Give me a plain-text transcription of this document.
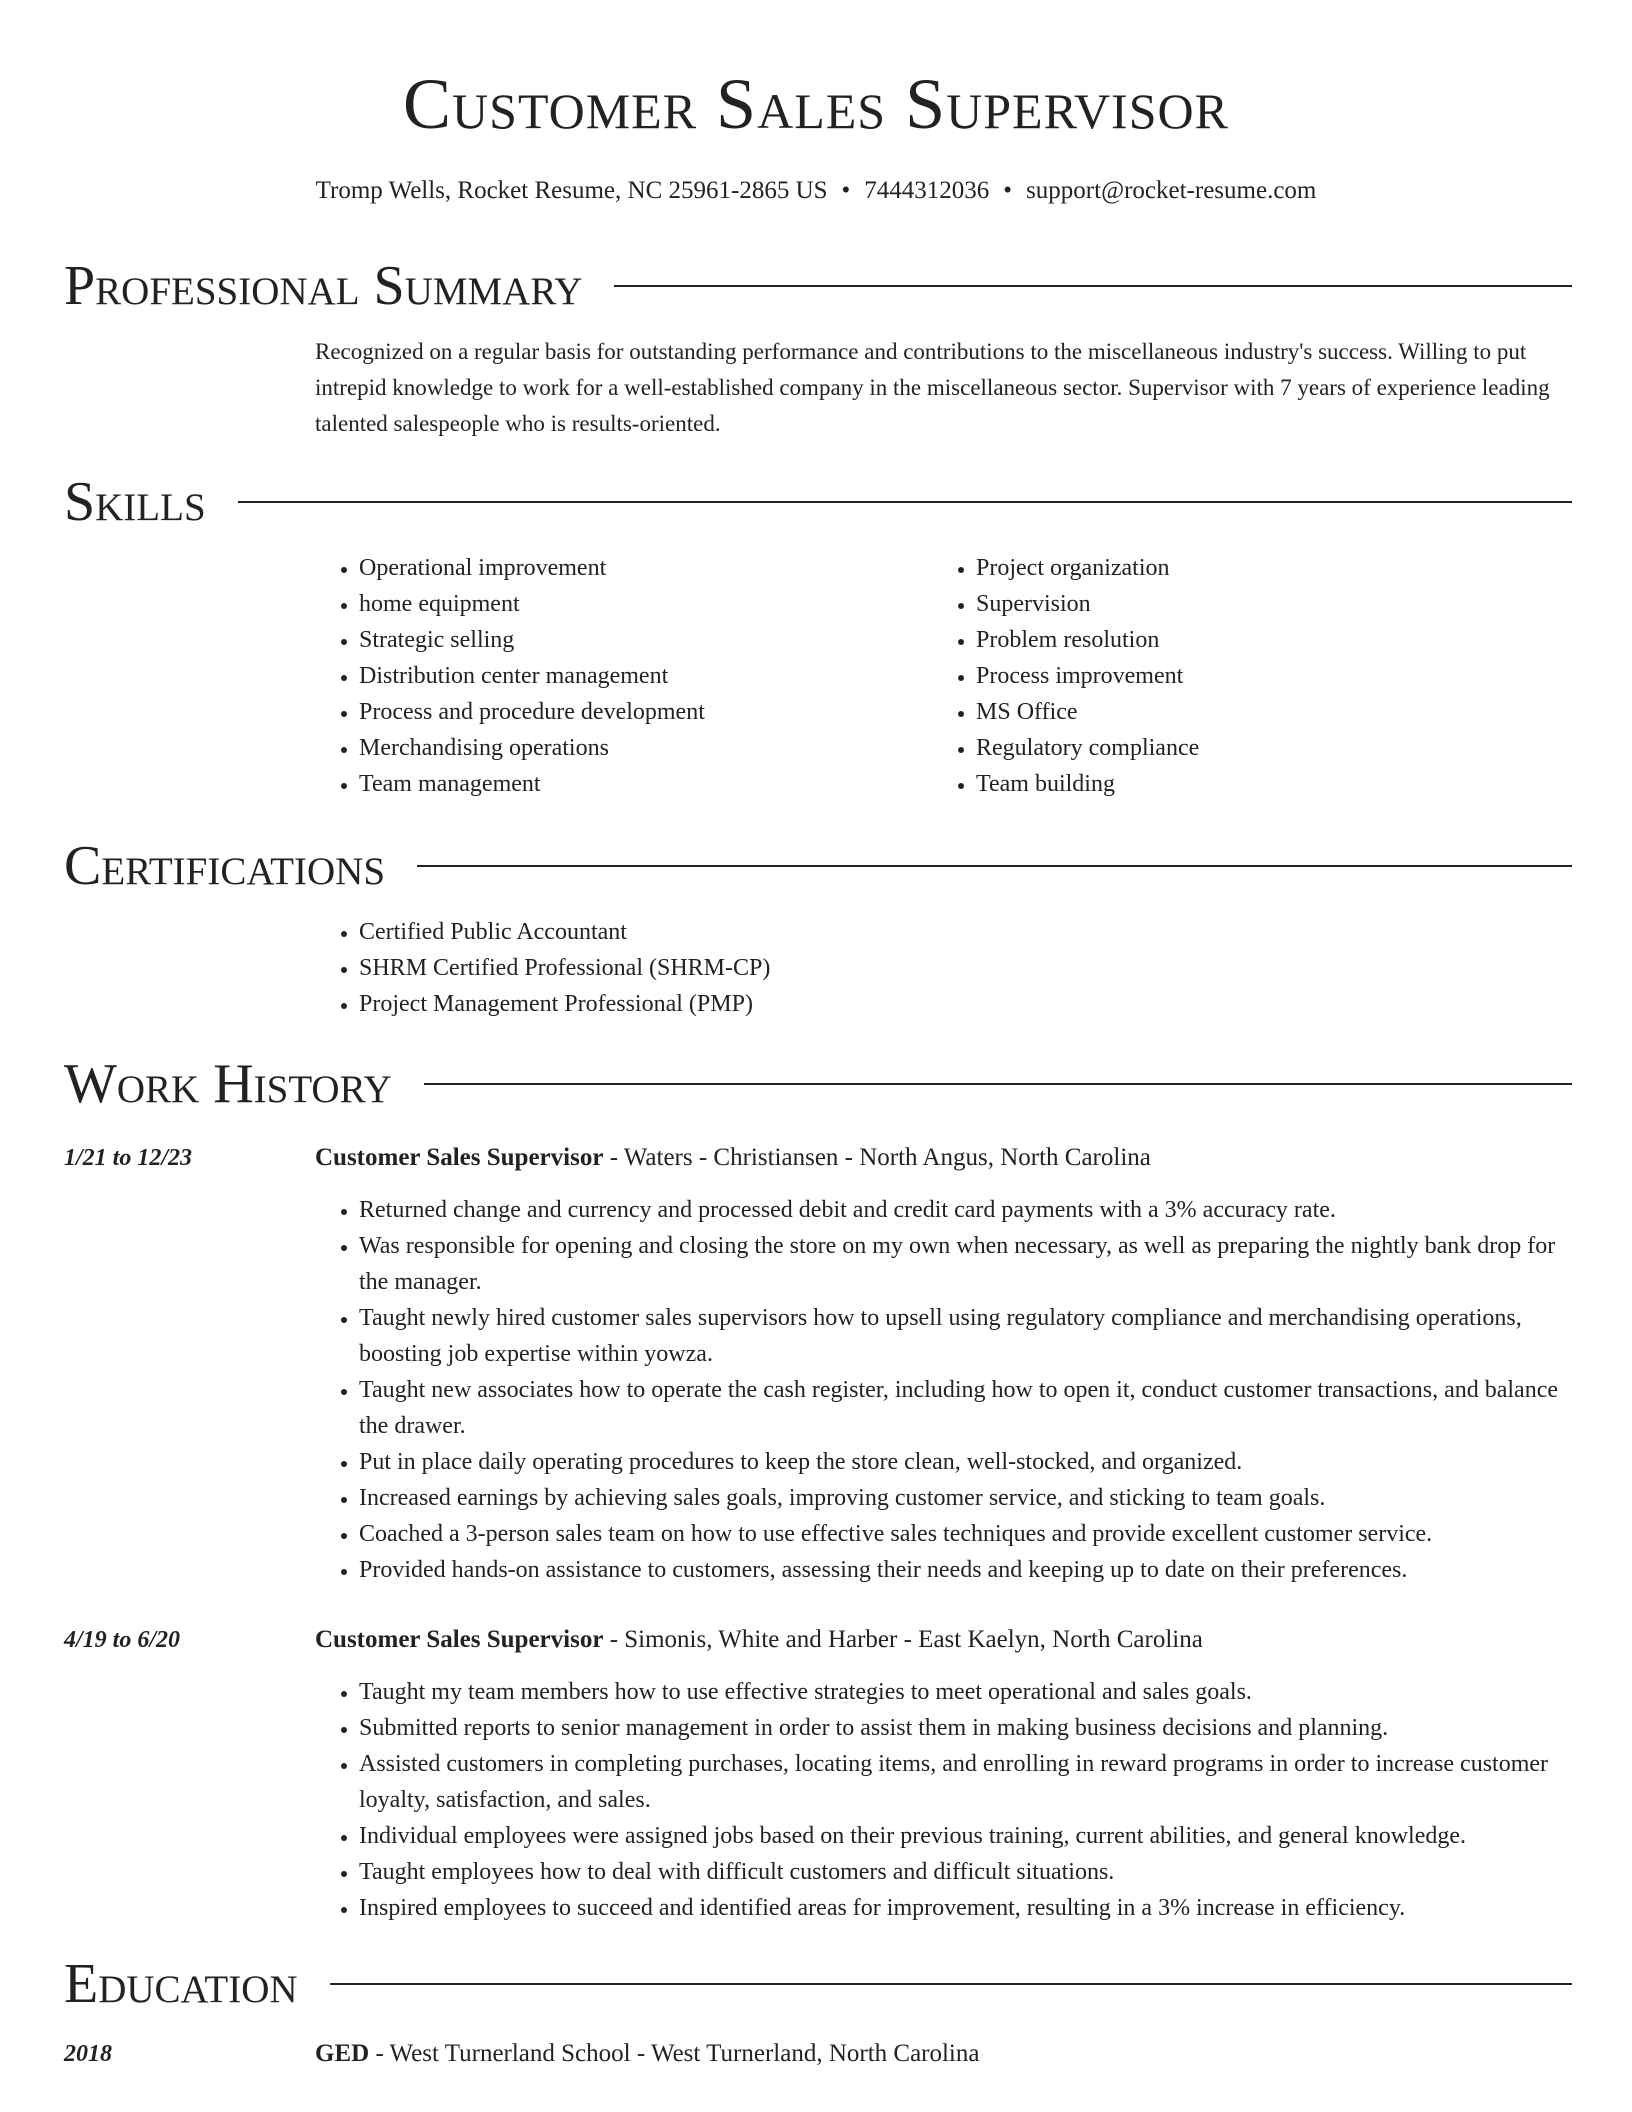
Customer Sales Supervisor
Tromp Wells, Rocket Resume, NC 25961-2865 US • 7444312036 • support@rocket-resume.com
Professional Summary

Recognized on a regular basis for outstanding performance and contributions to the miscellaneous industry's success. Willing to put intrepid knowledge to work for a well-established company in the miscellaneous sector. Supervisor with 7 years of experience leading talented salespeople who is results-oriented.

Skills
• Operational improvement
• home equipment
• Strategic selling
• Distribution center management
• Process and procedure development
• Merchandising operations
• Team management
• Project organization
• Supervision
• Problem resolution
• Process improvement
• MS Office
• Regulatory compliance
• Team building
Certifications
• Certified Public Accountant
• SHRM Certified Professional (SHRM-CP)
• Project Management Professional (PMP)
Work History
1/21 to 12/23	Customer Sales Supervisor - Waters - Christiansen - North Angus, North Carolina
• Returned change and currency and processed debit and credit card payments with a 3% accuracy rate.
• Was responsible for opening and closing the store on my own when necessary, as well as preparing the nightly bank drop for the manager.
• Taught newly hired customer sales supervisors how to upsell using regulatory compliance and merchandising operations, boosting job expertise within yowza.
• Taught new associates how to operate the cash register, including how to open it, conduct customer transactions, and balance the drawer.
• Put in place daily operating procedures to keep the store clean, well-stocked, and organized.
• Increased earnings by achieving sales goals, improving customer service, and sticking to team goals.
• Coached a 3-person sales team on how to use effective sales techniques and provide excellent customer service.
• Provided hands-on assistance to customers, assessing their needs and keeping up to date on their preferences.
4/19 to 6/20	Customer Sales Supervisor - Simonis, White and Harber - East Kaelyn, North Carolina
• Taught my team members how to use effective strategies to meet operational and sales goals.
• Submitted reports to senior management in order to assist them in making business decisions and planning.
• Assisted customers in completing purchases, locating items, and enrolling in reward programs in order to increase customer loyalty, satisfaction, and sales.
• Individual employees were assigned jobs based on their previous training, current abilities, and general knowledge.
• Taught employees how to deal with difficult customers and difficult situations.
• Inspired employees to succeed and identified areas for improvement, resulting in a 3% increase in efficiency.
Education
2018	GED - West Turnerland School - West Turnerland, North Carolina
